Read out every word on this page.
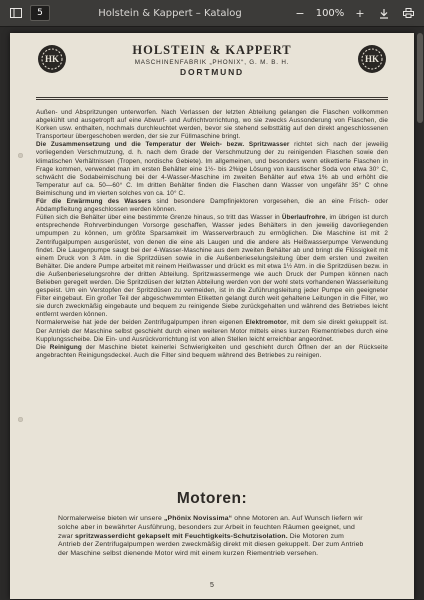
5	Holstein & Kappert – Katalog	−	100%	+
HK	HK
HOLSTEIN & KAPPERT
MASCHINENFABRIK „PHONIX“, G. M. B. H.
DORTMUND

Außen- und Abspritzungen unterworfen. Nach Verlassen der letzten Abteilung gelangen die Flaschen vollkommen abgekühlt und ausgetropft auf eine Abwurf- und Aufrichtvorrichtung, wo sie zwecks Aussonderung von Flaschen, die Korken usw. enthalten, nochmals durchleuchtet werden, bevor sie stehend selbsttätig auf den direkt angeschlossenen Transporteur übergeschoben werden, der sie zur Füllmaschine bringt.

Die Zusammensetzung und die Temperatur der Weich- bezw. Spritzwasser richtet sich nach der jeweilig vorliegenden Verschmutzung, d. h. nach dem Grade der Verschmutzung der zu reinigenden Flaschen sowie den klimatischen Verhältnissen (Tropen, nordische Gebiete). Im allgemeinen, und besonders wenn etikettierte Flaschen in Frage kommen, verwendet man im ersten Behälter eine 1½- bis 2%ige Lösung von kaustischer Soda von etwa 30° C, schwächt die Sodabeimischung bei der 4-Wasser-Maschine im zweiten Behälter auf etwa 1% ab und erhöht die Temperatur auf ca. 50—60° C. Im dritten Behälter finden die Flaschen dann Wasser von ungefähr 35° C ohne Beimischung und im vierten solches von ca. 10° C.

Für die Erwärmung des Wassers sind besondere Dampfinjektoren vorgesehen, die an eine Frisch- oder Abdampfleitung angeschlossen werden können.

Füllen sich die Behälter über eine bestimmte Grenze hinaus, so tritt das Wasser in Überlaufrohre, im übrigen ist durch entsprechende Rohrverbindungen Vorsorge geschaffen, Wasser jedes Behälters in den jeweilig davorliegenden umpumpen zu können, um größte Sparsamkeit im Wasserverbrauch zu ermöglichen. Die Maschine ist mit 2 Zentrifugalpumpen ausgerüstet, von denen die eine als Laugen und die andere als Heißwasserpumpe Verwendung findet. Die Laugenpumpe saugt bei der 4-Wasser-Maschine aus dem zweiten Behälter ab und bringt die Flüssigkeit mit einem Druck von 3 Atm. in die Spritzdüsen sowie in die Außenberieselungsleitung über dem ersten und zweiten Behälter. Die andere Pumpe arbeitet mit reinem Heißwasser und drückt es mit etwa 1½ Atm. in die Spritzdüsen bezw. in die Außenberieselungsrohre der dritten Abteilung. Spritzwassermenge wie auch Druck der Pumpen können nach Belieben geregelt werden. Die Spritzdüsen der letzten Abteilung werden von der wohl stets vorhandenen Wasserleitung gespeist. Um ein Verstopfen der Spritzdüsen zu vermeiden, ist in die Zuführungsleitung jeder Pumpe ein geeigneter Filter eingebaut. Ein großer Teil der abgeschwemmten Etiketten gelangt durch weit gehaltene Leitungen in die Filter, wo sie durch zweckmäßig eingebaute und bequem zu reinigende Siebe zurückgehalten und während des Betriebes leicht entfernt werden können.

Normalerweise hat jede der beiden Zentrifugalpumpen ihren eigenen Elektromotor, mit dem sie direkt gekuppelt ist. Der Antrieb der Maschine selbst geschieht durch einen weiteren Motor mittels eines kurzen Riementriebes durch eine Kupplungsscheibe. Die Ein- und Ausrückvorrichtung ist von allen Stellen leicht erreichbar angeordnet.

Die Reinigung der Maschine bietet keinerlei Schwierigkeiten und geschieht durch Öffnen der an der Rückseite angebrachten Reinigungsdeckel. Auch die Filter sind bequem während des Betriebes zu reinigen.

Motoren:

Normalerweise bieten wir unsere „Phönix Novissima“ ohne Motoren an. Auf Wunsch liefern wir solche aber in bewährter Ausführung, besonders zur Arbeit in feuchten Räumen geeignet, und zwar spritzwasserdicht gekapselt mit Feuchtigkeits-Schutzisolation. Die Motoren zum Antrieb der Zentrifugalpumpen werden zweckmäßig direkt mit diesen gekuppelt. Der zum Antrieb der Maschine selbst dienende Motor wird mit einem kurzen Riementrieb versehen.

5
